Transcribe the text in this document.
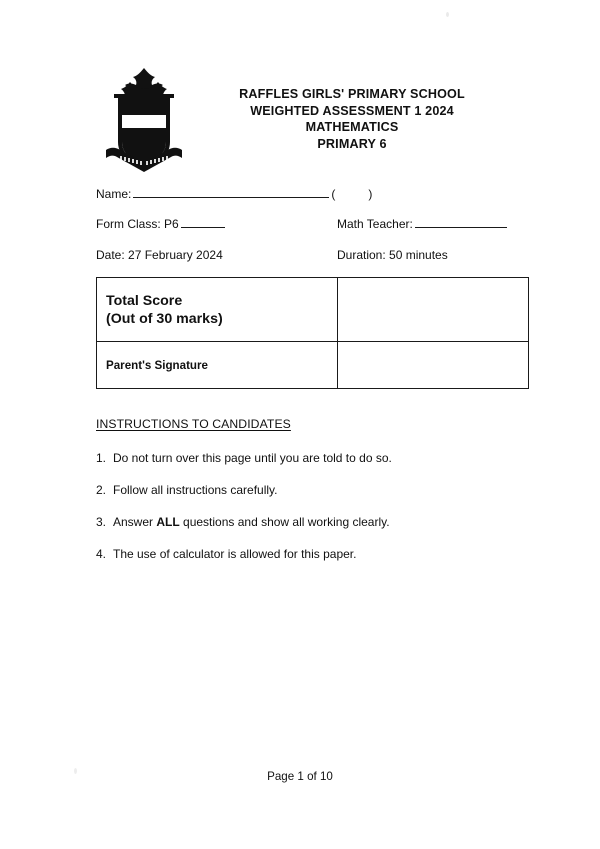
RAFFLES GIRLS' PRIMARY SCHOOL
WEIGHTED ASSESSMENT 1 2024
MATHEMATICS
PRIMARY 6
Name:	(	)
Form Class: P6	Math Teacher:
Date: 27 February 2024	Duration: 50 minutes
Total Score
(Out of 30 marks)	

Parent's Signature	

INSTRUCTIONS TO CANDIDATES
1. Do not turn over this page until you are told to do so.
2. Follow all instructions carefully.
3. Answer ALL questions and show all working clearly.
4. The use of calculator is allowed for this paper.
Page 1 of 10
